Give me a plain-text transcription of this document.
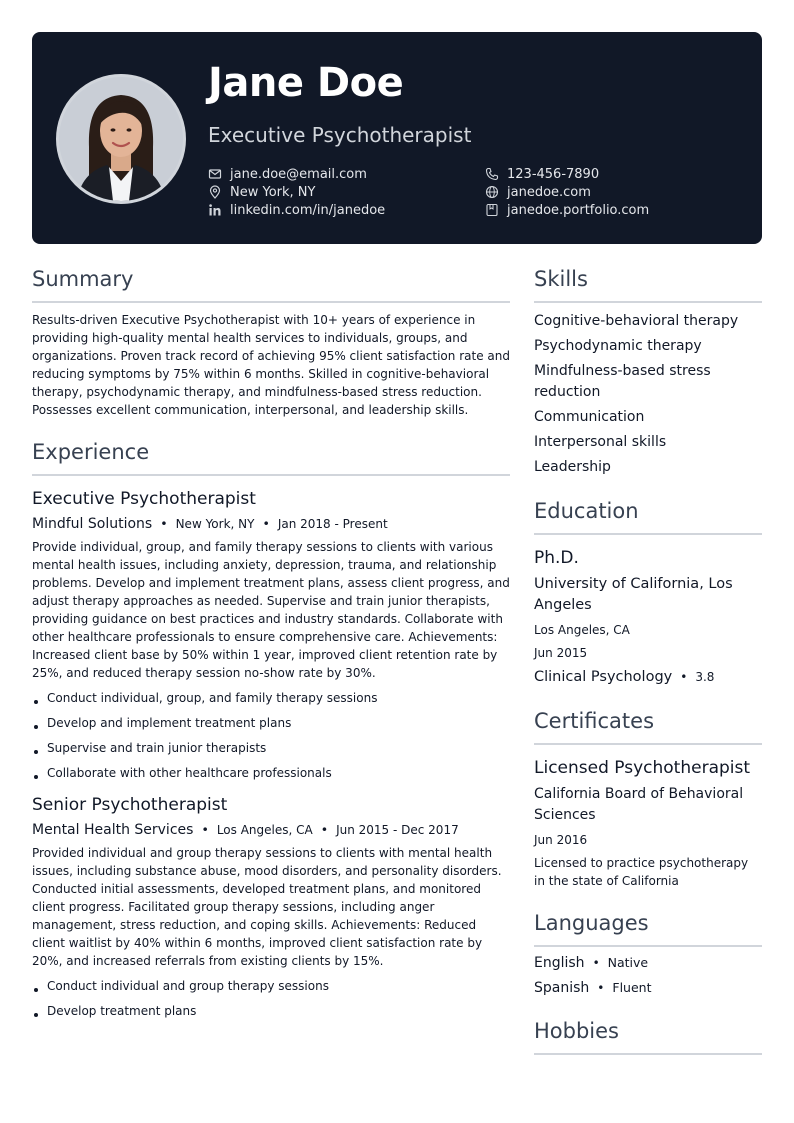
Jane Doe

Executive Psychotherapist

jane.doe@email.com	123-456-7890
New York, NY	janedoe.com
linkedin.com/in/janedoe	janedoe.portfolio.com
Summary

Results-driven Executive Psychotherapist with 10+ years of experience in providing high-quality mental health services to individuals, groups, and organizations. Proven track record of achieving 95% client satisfaction rate and reducing symptoms by 75% within 6 months. Skilled in cognitive-behavioral therapy, psychodynamic therapy, and mindfulness-based stress reduction. Possesses excellent communication, interpersonal, and leadership skills.

Experience
Executive Psychotherapist
Mindful Solutions • New York, NY • Jan 2018 - Present

Provide individual, group, and family therapy sessions to clients with various mental health issues, including anxiety, depression, trauma, and relationship problems. Develop and implement treatment plans, assess client progress, and adjust therapy approaches as needed. Supervise and train junior therapists, providing guidance on best practices and industry standards. Collaborate with other healthcare professionals to ensure comprehensive care. Achievements: Increased client base by 50% within 1 year, improved client retention rate by 25%, and reduced therapy session no-show rate by 30%.

Conduct individual, group, and family therapy sessions
Develop and implement treatment plans
Supervise and train junior therapists
Collaborate with other healthcare professionals
Senior Psychotherapist
Mental Health Services • Los Angeles, CA • Jun 2015 - Dec 2017

Provided individual and group therapy sessions to clients with mental health issues, including substance abuse, mood disorders, and personality disorders. Conducted initial assessments, developed treatment plans, and monitored client progress. Facilitated group therapy sessions, including anger management, stress reduction, and coping skills. Achievements: Reduced client waitlist by 40% within 6 months, improved client satisfaction rate by 20%, and increased referrals from existing clients by 15%.

Conduct individual and group therapy sessions
Develop treatment plans
Skills
Cognitive-behavioral therapy
Psychodynamic therapy
Mindfulness-based stress reduction
Communication
Interpersonal skills
Leadership
Education
Ph.D.
University of California, Los Angeles
Los Angeles, CA
Jun 2015
Clinical Psychology • 3.8
Certificates
Licensed Psychotherapist
California Board of Behavioral Sciences
Jun 2016
Licensed to practice psychotherapy in the state of California
Languages
English • Native
Spanish • Fluent
Hobbies
